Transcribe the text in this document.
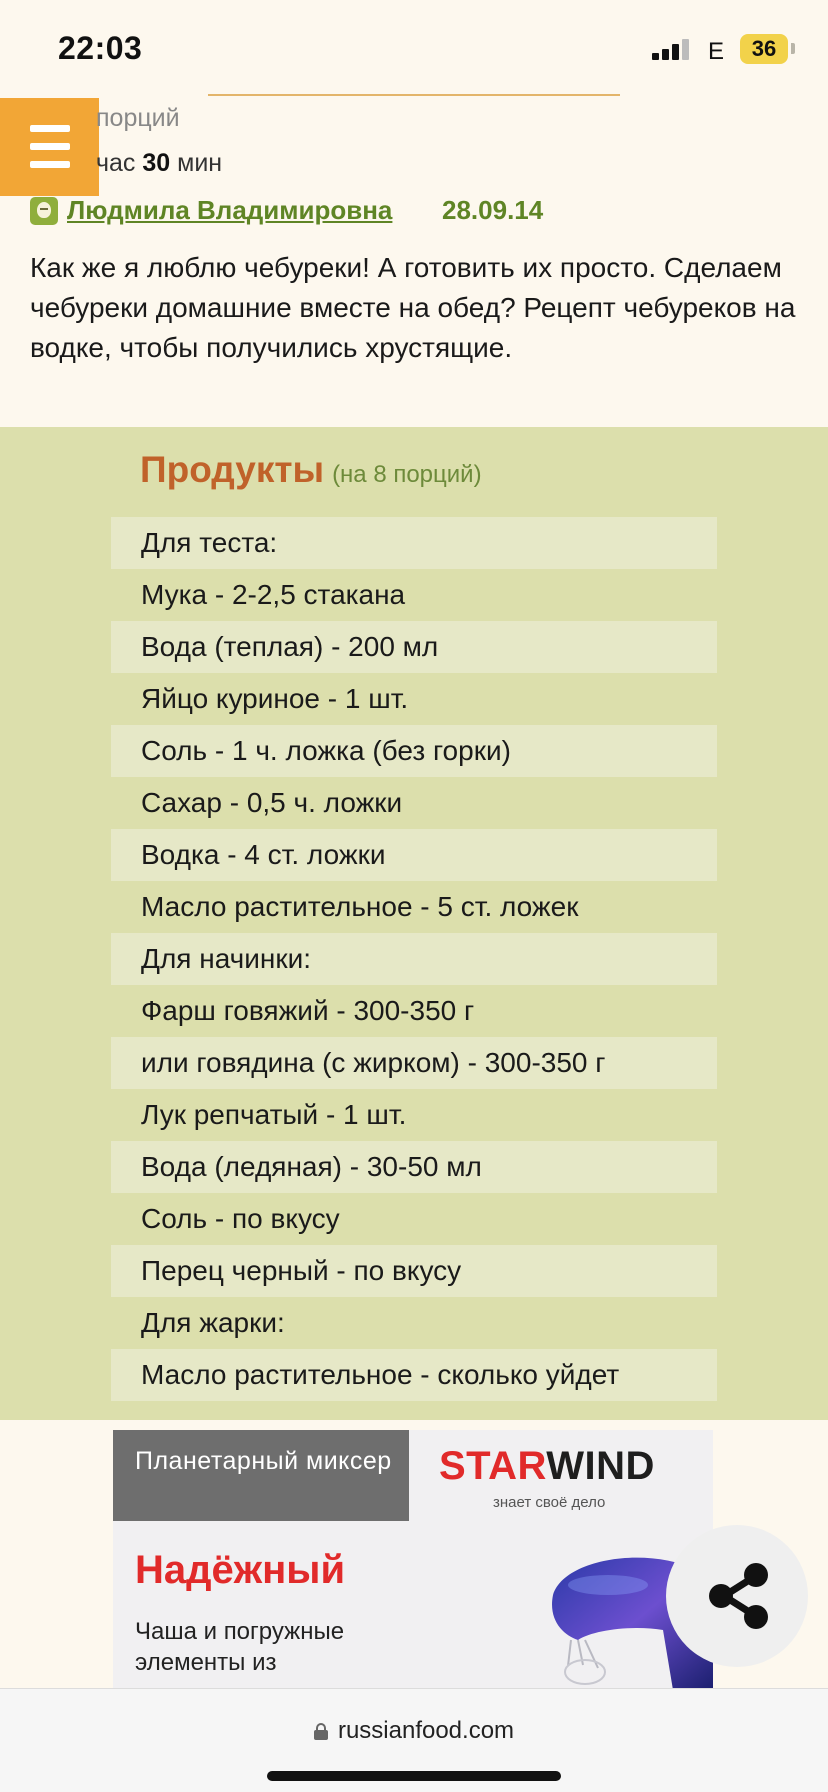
22:03	E	36
порций
час 30 мин
Людмила Владимировна 28.09.14

Как же я люблю чебуреки! А готовить их просто. Сделаем чебуреки домашние вместе на обед? Рецепт чебуреков на водке, чтобы получились хрустящие.

Продукты (на 8 порций)
Для теста:
Мука - 2-2,5 стакана
Вода (теплая) - 200 мл
Яйцо куриное - 1 шт.
Соль - 1 ч. ложка (без горки)
Сахар - 0,5 ч. ложки
Водка - 4 ст. ложки
Масло растительное - 5 ст. ложек
Для начинки:
Фарш говяжий - 300-350 г
или говядина (с жирком) - 300-350 г
Лук репчатый - 1 шт.
Вода (ледяная) - 30-50 мл
Соль - по вкусу
Перец черный - по вкусу
Для жарки:
Масло растительное - сколько уйдет
Планетарный миксер	STARWIND
знает своё дело
Надёжный
Чаша и погружные элементы из
russianfood.com
